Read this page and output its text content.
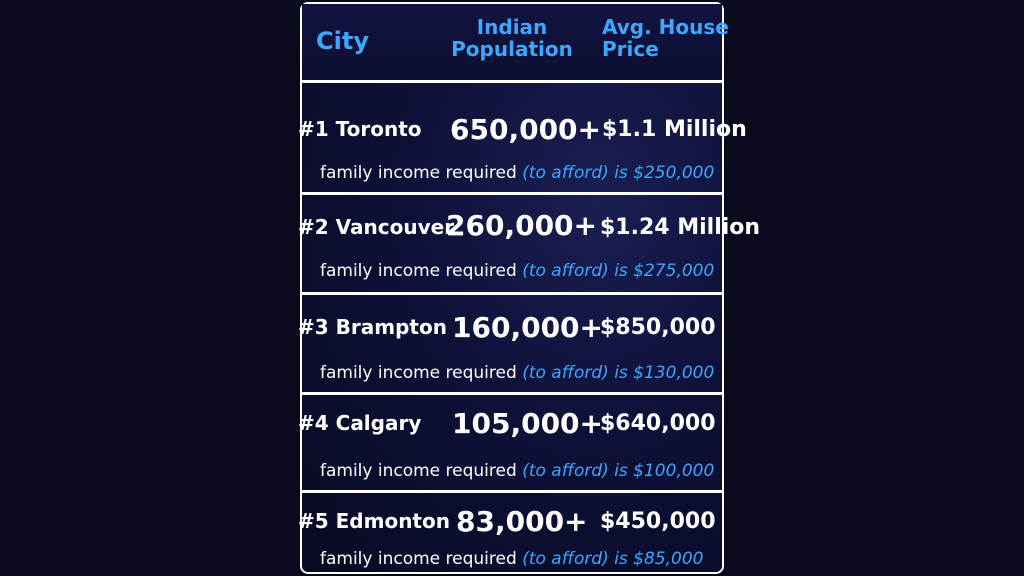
City	Indian
Population
Avg. House
Price
#1 Toronto 650,000+ $1.1 Million
family income required (to afford) is $250,000
#2 Vancouver
260,000+ $1.24 Million
family income required (to afford) is $275,000
#3 Brampton 160,000+
$850,000
family income required (to afford) is $130,000
#4 Calgary 105,000+
$640,000
family income required (to afford) is $100,000
#5 Edmonton 83,000+ $450,000
family income required (to afford) is $85,000
